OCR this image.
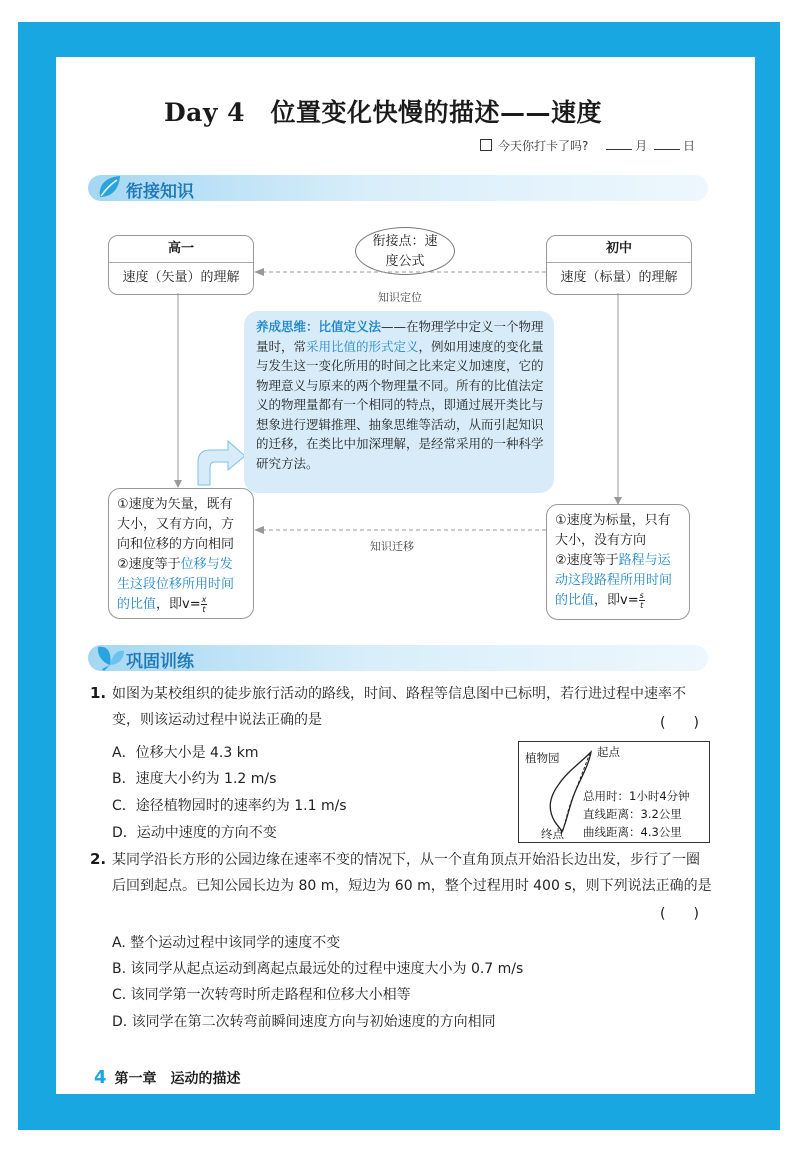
Day 4　位置变化快慢的描述——速度
今天你打卡了吗?	月	日
衔接知识
高一
速度（矢量）的理解
初中
速度（标量）的理解
衔接点：速
度公式
知识定位
知识迁移
养成思维：比值定义法——在物理学中定义一个物理量时，常采用比值的形式定义，例如用速度的变化量与发生这一变化所用的时间之比来定义加速度，它的物理意义与原来的两个物理量不同。所有的比值法定义的物理量都有一个相同的特点，即通过展开类比与想象进行逻辑推理、抽象思维等活动，从而引起知识的迁移，在类比中加深理解，是经常采用的一种科学研究方法。
①速度为矢量，既有大小，又有方向，方向和位移的方向相同
②速度等于位移与发生这段位移所用时间的比值，即$v= \frac{x}{t}$
①速度为标量，只有大小，没有方向
②速度等于路程与运动这段路程所用时间的比值，即$v= \frac{s}{t}$
巩固训练
1. 如图为某校组织的徒步旅行活动的路线，时间、路程等信息图中已标明，若行进过程中速率不变，则该运动过程中说法正确的是	(　　)
A．位移大小是 4.3 km
B．速度大小约为 1.2 m/s
C．途径植物园时的速率约为 1.1 m/s
D．运动中速度的方向不变
植物园	起点
终点
总用时：1小时4分钟
直线距离：3.2公里
曲线距离：4.3公里
2. 某同学沿长方形的公园边缘在速率不变的情况下，从一个直角顶点开始沿长边出发，步行了一圈后回到起点。已知公园长边为 80 m，短边为 60 m，整个过程用时 400 s，则下列说法正确的是
(　　)
A. 整个运动过程中该同学的速度不变
B. 该同学从起点运动到离起点最远处的过程中速度大小为 0.7 m/s
C. 该同学第一次转弯时所走路程和位移大小相等
D. 该同学在第二次转弯前瞬间速度方向与初始速度的方向相同
4 第一章　运动的描述
